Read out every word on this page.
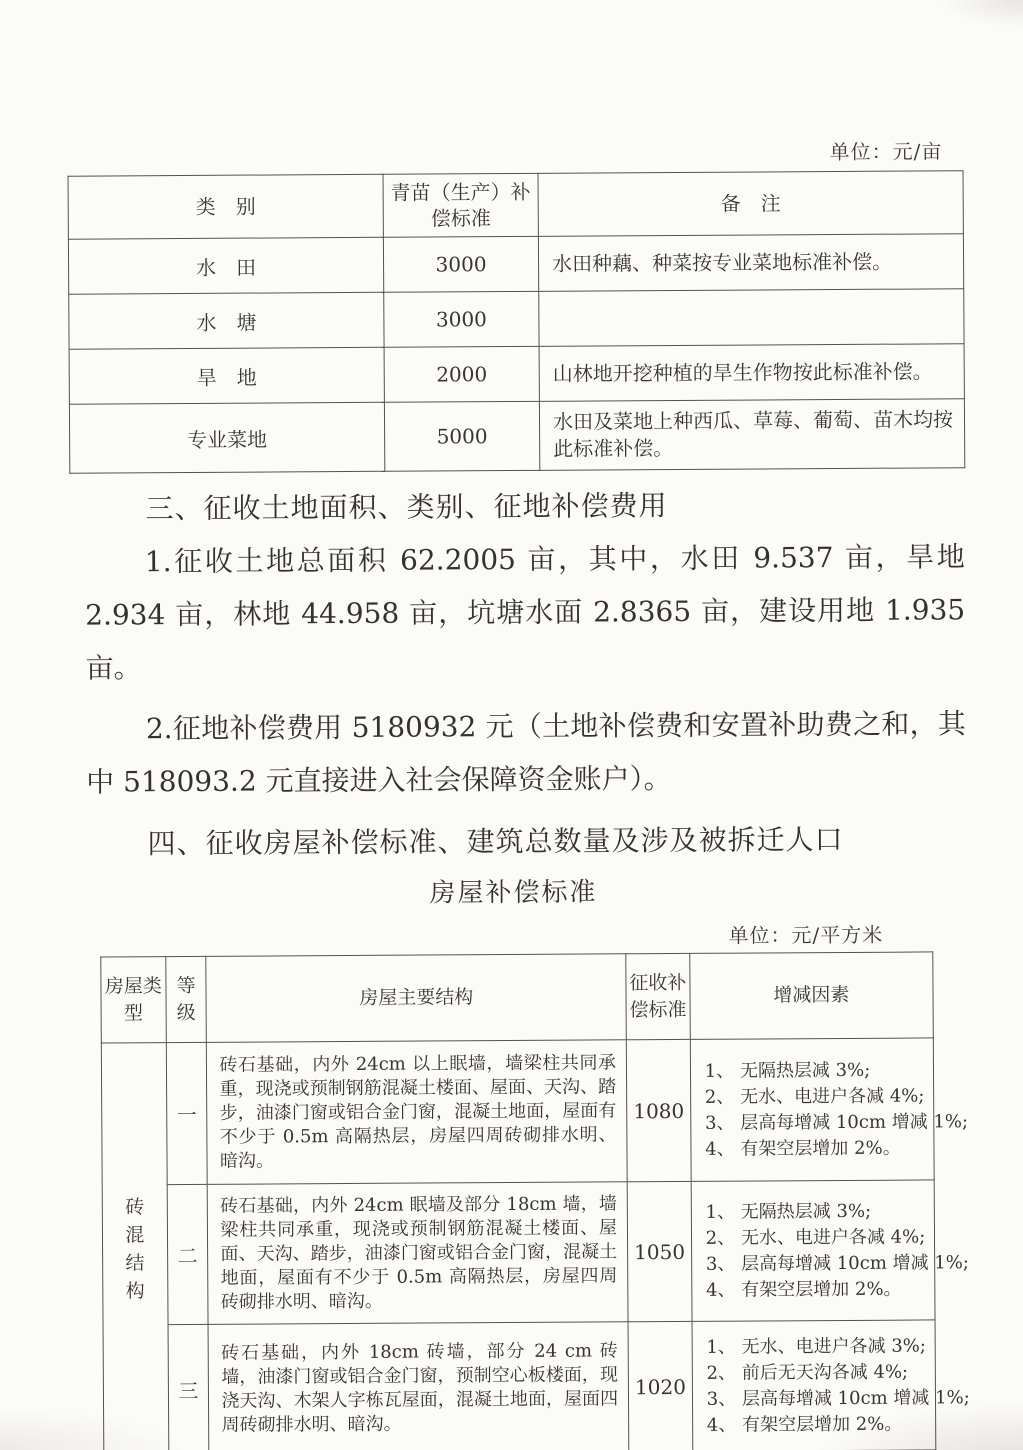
单位：元/亩
类　别	青苗（生产）补偿标准	备　注
水　田	3000	水田种藕、种菜按专业菜地标准补偿。
水　塘	3000	
旱　地	2000	山林地开挖种植的旱生作物按此标准补偿。
专业菜地	5000	水田及菜地上种西瓜、草莓、葡萄、苗木均按此标准补偿。
三、征收土地面积、类别、征地补偿费用

1.征收土地总面积 62.2005 亩，其中，水田 9.537 亩，旱地 2.934 亩，林地 44.958 亩，坑塘水面 2.8365 亩，建设用地 1.935 亩。

2.征地补偿费用 5180932 元（土地补偿费和安置补助费之和，其中 518093.2 元直接进入社会保障资金账户）。

四、征收房屋补偿标准、建筑总数量及涉及被拆迁人口
房屋补偿标准
单位：元/平方米
房屋类型	等级	房屋主要结构	征收补偿标准	增减因素
砖混结构	一	砖石基础，内外 24cm 以上眠墙，墙梁柱共同承重，现浇或预制钢筋混凝土楼面、屋面、天沟、踏步，油漆门窗或铝合金门窗，混凝土地面，屋面有不少于 0.5m 高隔热层，房屋四周砖砌排水明、暗沟。	1080	1、 无隔热层减 3%;
2、 无水、电进户各减 4%;
3、 层高每增减 10cm 增减 1%;
4、 有架空层增加 2%。

	二	砖石基础，内外 24cm 眠墙及部分 18cm 墙，墙梁柱共同承重，现浇或预制钢筋混凝土楼面、屋面、天沟、踏步，油漆门窗或铝合金门窗，混凝土地面，屋面有不少于 0.5m 高隔热层，房屋四周砖砌排水明、暗沟。	1050	1、 无隔热层减 3%;
2、 无水、电进户各减 4%;
3、 层高每增减 10cm 增减 1%;
4、 有架空层增加 2%。

	三	砖石基础，内外 18cm 砖墙，部分 24 cm 砖墙，油漆门窗或铝合金门窗，预制空心板楼面，现浇天沟、木架人字栋瓦屋面，混凝土地面，屋面四周砖砌排水明、暗沟。	1020	1、 无水、电进户各减 3%;
2、 前后无天沟各减 4%;
3、 层高每增减 10cm 增减 1%;
4、 有架空层增加 2%。
